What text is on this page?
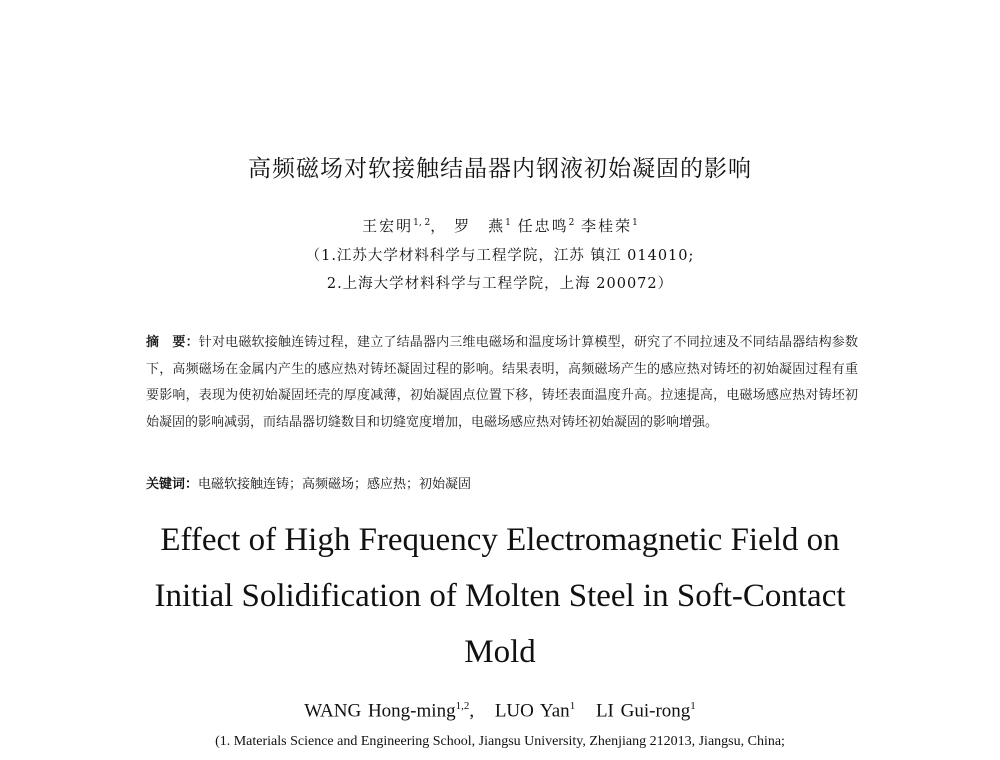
高频磁场对软接触结晶器内钢液初始凝固的影响
王宏明$^{1, 2}$， 罗　燕$^1$ 任忠鸣$^2$ 李桂荣$^1$
（1.江苏大学材料科学与工程学院，江苏 镇江 014010;
2.上海大学材料科学与工程学院，上海 200072）
摘　要：针对电磁软接触连铸过程，建立了结晶器内三维电磁场和温度场计算模型，研究了不同拉速及不同结晶器结构参数下，高频磁场在金属内产生的感应热对铸坯凝固过程的影响。结果表明，高频磁场产生的感应热对铸坯的初始凝固过程有重要影响，表现为使初始凝固坯壳的厚度减薄，初始凝固点位置下移，铸坯表面温度升高。拉速提高，电磁场感应热对铸坯初始凝固的影响减弱，而结晶器切缝数目和切缝宽度增加，电磁场感应热对铸坯初始凝固的影响增强。
关键词：电磁软接触连铸；高频磁场；感应热；初始凝固
Effect of High Frequency Electromagnetic Field on
Initial Solidification of Molten Steel in Soft-Contact
Mold
WANG Hong-ming$^{1,2}$, LUO Yan$^1$ LI Gui-rong$^1$
(1. Materials Science and Engineering School, Jiangsu University, Zhenjiang 212013, Jiangsu, China;
